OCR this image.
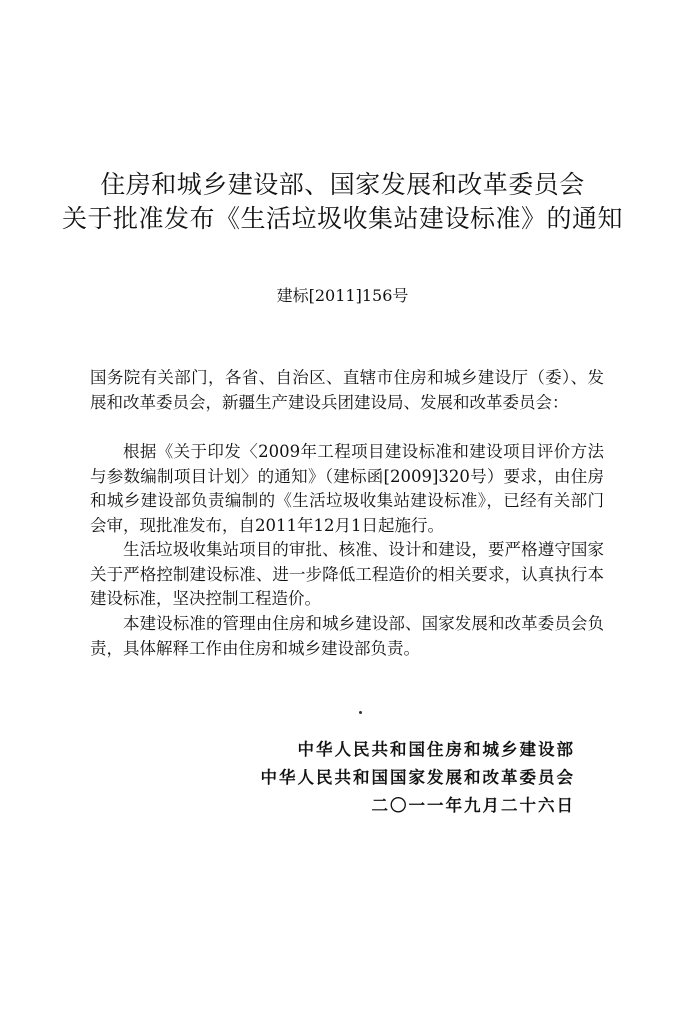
住房和城乡建设部、国家发展和改革委员会
关于批准发布《生活垃圾收集站建设标准》的通知
建标[2011]156号

国务院有关部门，各省、自治区、直辖市住房和城乡建设厅（委）、发展和改革委员会，新疆生产建设兵团建设局、发展和改革委员会：

根据《关于印发〈2009年工程项目建设标准和建设项目评价方法与参数编制项目计划〉的通知》（建标函[2009]320号）要求，由住房和城乡建设部负责编制的《生活垃圾收集站建设标准》，已经有关部门会审，现批准发布，自2011年12月1日起施行。

生活垃圾收集站项目的审批、核准、设计和建设，要严格遵守国家关于严格控制建设标准、进一步降低工程造价的相关要求，认真执行本建设标准，坚决控制工程造价。

本建设标准的管理由住房和城乡建设部、国家发展和改革委员会负责，具体解释工作由住房和城乡建设部负责。

中华人民共和国住房和城乡建设部
中华人民共和国国家发展和改革委员会
二〇一一年九月二十六日
